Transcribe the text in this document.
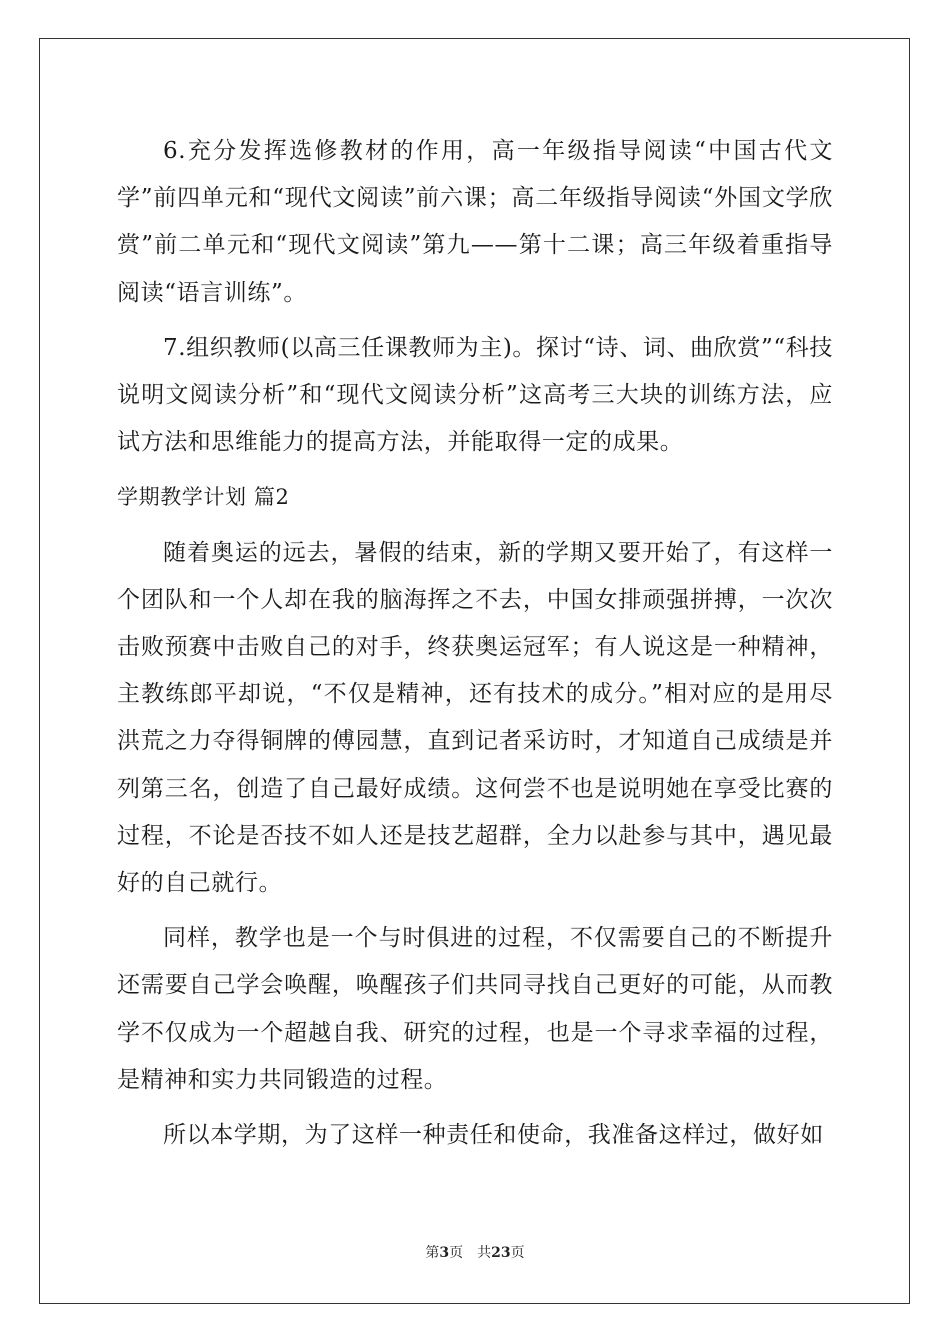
6.充分发挥选修教材的作用，高一年级指导阅读“中国古代文学”前四单元和“现代文阅读”前六课；高二年级指导阅读“外国文学欣赏”前二单元和“现代文阅读”第九——第十二课；高三年级着重指导阅读“语言训练”。

7.组织教师(以高三任课教师为主)。探讨“诗、词、曲欣赏”“科技说明文阅读分析”和“现代文阅读分析”这高考三大块的训练方法，应试方法和思维能力的提高方法，并能取得一定的成果。

学期教学计划 篇2

随着奥运的远去，暑假的结束，新的学期又要开始了，有这样一个团队和一个人却在我的脑海挥之不去，中国女排顽强拼搏，一次次击败预赛中击败自己的对手，终获奥运冠军；有人说这是一种精神，主教练郎平却说，“不仅是精神，还有技术的成分。”相对应的是用尽洪荒之力夺得铜牌的傅园慧，直到记者采访时，才知道自己成绩是并列第三名，创造了自己最好成绩。这何尝不也是说明她在享受比赛的过程，不论是否技不如人还是技艺超群，全力以赴参与其中，遇见最好的自己就行。

同样，教学也是一个与时俱进的过程，不仅需要自己的不断提升还需要自己学会唤醒，唤醒孩子们共同寻找自己更好的可能，从而教学不仅成为一个超越自我、研究的过程，也是一个寻求幸福的过程，是精神和实力共同锻造的过程。

所以本学期，为了这样一种责任和使命，我准备这样过，做好如

第3页　共23页
